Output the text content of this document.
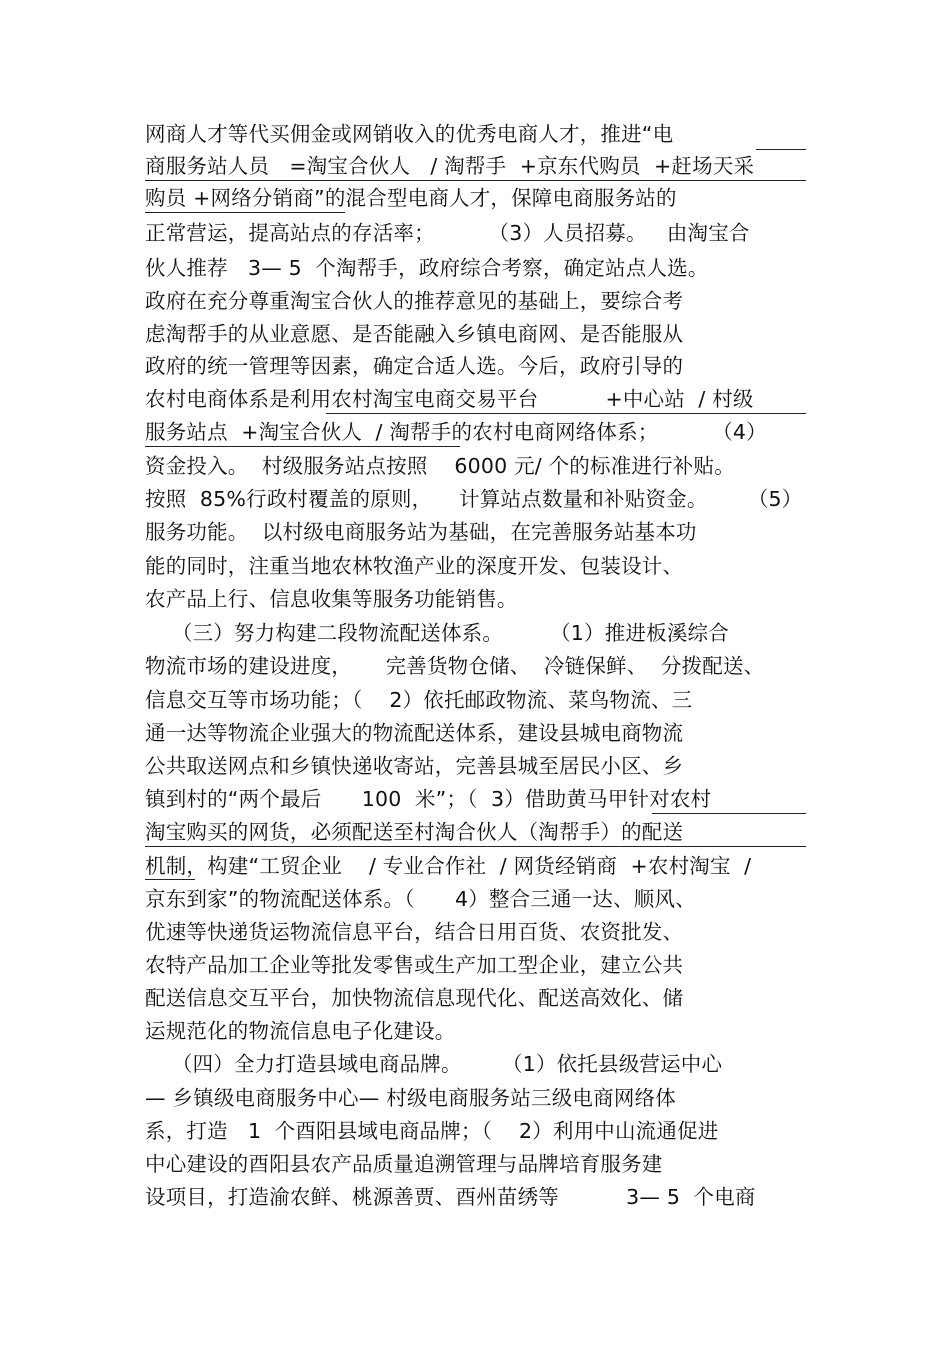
网商人才等代买佣金或网销收入的优秀电商人才，推进“电
商服务站人员   =淘宝合伙人   / 淘帮手  +京东代购员  +赶场天采
购员 +网络分销商”的混合型电商人才，保障电商服务站的
正常营运，提高站点的存活率；        （3）人员招募。   由淘宝合
伙人推荐   3— 5  个淘帮手，政府综合考察，确定站点人选。
政府在充分尊重淘宝合伙人的推荐意见的基础上，要综合考
虑淘帮手的从业意愿、是否能融入乡镇电商网、是否能服从
政府的统一管理等因素，确定合适人选。今后，政府引导的
农村电商体系是利用农村淘宝电商交易平台          +中心站  / 村级
服务站点  +淘宝合伙人  / 淘帮手的农村电商网络体系；        （4）
资金投入。  村级服务站点按照    6000 元/ 个的标准进行补贴。
按照  85%行政村覆盖的原则，    计算站点数量和补贴资金。      （5）
服务功能。  以村级电商服务站为基础，在完善服务站基本功
能的同时，注重当地农林牧渔产业的深度开发、包装设计、
农产品上行、信息收集等服务功能销售。
（三）努力构建二段物流配送体系。       （1）推进板溪综合
物流市场的建设进度，     完善货物仓储、  冷链保鲜、  分拨配送、
信息交互等市场功能；（    2）依托邮政物流、菜鸟物流、三
通一达等物流企业强大的物流配送体系，建设县城电商物流
公共取送网点和乡镇快递收寄站，完善县城至居民小区、乡
镇到村的“两个最后      100  米”；（  3）借助黄马甲针对农村
淘宝购买的网货，必须配送至村淘合伙人（淘帮手）的配送
机制，构建“工贸企业    / 专业合作社  / 网货经销商  +农村淘宝  /
京东到家”的物流配送体系。（      4）整合三通一达、顺风、
优速等快递货运物流信息平台，结合日用百货、农资批发、
农特产品加工企业等批发零售或生产加工型企业，建立公共
配送信息交互平台，加快物流信息现代化、配送高效化、储
运规范化的物流信息电子化建设。
（四）全力打造县域电商品牌。      （1）依托县级营运中心
— 乡镇级电商服务中心— 村级电商服务站三级电商网络体
系，打造   1  个酉阳县域电商品牌；（    2）利用中山流通促进
中心建设的酉阳县农产品质量追溯管理与品牌培育服务建
设项目，打造渝农鲜、桃源善贾、酉州苗绣等          3— 5  个电商
